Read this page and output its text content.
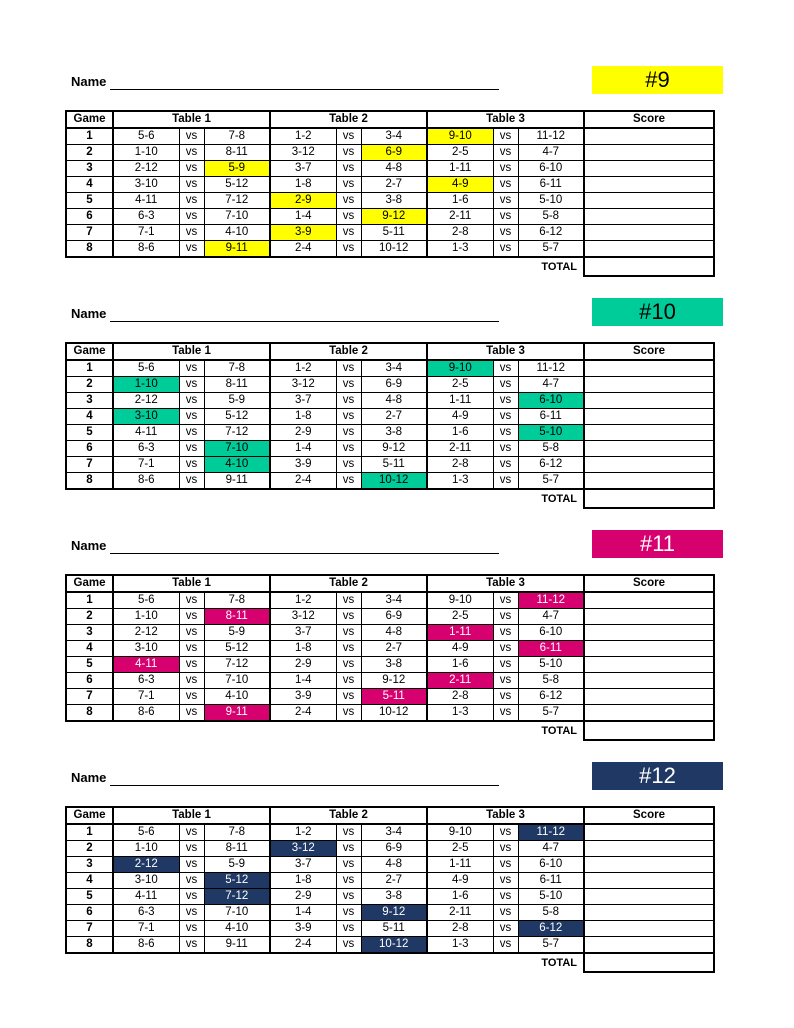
Name	#9
Game	Table 1			Table 2			Table 3			Score
1	5-6	vs	7-8	1-2	vs	3-4	9-10	vs	11-12	
2	1-10	vs	8-11	3-12	vs	6-9	2-5	vs	4-7	
3	2-12	vs	5-9	3-7	vs	4-8	1-11	vs	6-10	
4	3-10	vs	5-12	1-8	vs	2-7	4-9	vs	6-11	
5	4-11	vs	7-12	2-9	vs	3-8	1-6	vs	5-10	
6	6-3	vs	7-10	1-4	vs	9-12	2-11	vs	5-8	
7	7-1	vs	4-10	3-9	vs	5-11	2-8	vs	6-12	
8	8-6	vs	9-11	2-4	vs	10-12	1-3	vs	5-7	
TOTAL										
Name	#10
Game	Table 1			Table 2			Table 3			Score
1	5-6	vs	7-8	1-2	vs	3-4	9-10	vs	11-12	
2	1-10	vs	8-11	3-12	vs	6-9	2-5	vs	4-7	
3	2-12	vs	5-9	3-7	vs	4-8	1-11	vs	6-10	
4	3-10	vs	5-12	1-8	vs	2-7	4-9	vs	6-11	
5	4-11	vs	7-12	2-9	vs	3-8	1-6	vs	5-10	
6	6-3	vs	7-10	1-4	vs	9-12	2-11	vs	5-8	
7	7-1	vs	4-10	3-9	vs	5-11	2-8	vs	6-12	
8	8-6	vs	9-11	2-4	vs	10-12	1-3	vs	5-7	
TOTAL										
Name	#11
Game	Table 1			Table 2			Table 3			Score
1	5-6	vs	7-8	1-2	vs	3-4	9-10	vs	11-12	
2	1-10	vs	8-11	3-12	vs	6-9	2-5	vs	4-7	
3	2-12	vs	5-9	3-7	vs	4-8	1-11	vs	6-10	
4	3-10	vs	5-12	1-8	vs	2-7	4-9	vs	6-11	
5	4-11	vs	7-12	2-9	vs	3-8	1-6	vs	5-10	
6	6-3	vs	7-10	1-4	vs	9-12	2-11	vs	5-8	
7	7-1	vs	4-10	3-9	vs	5-11	2-8	vs	6-12	
8	8-6	vs	9-11	2-4	vs	10-12	1-3	vs	5-7	
TOTAL										
Name	#12
Game	Table 1			Table 2			Table 3			Score
1	5-6	vs	7-8	1-2	vs	3-4	9-10	vs	11-12	
2	1-10	vs	8-11	3-12	vs	6-9	2-5	vs	4-7	
3	2-12	vs	5-9	3-7	vs	4-8	1-11	vs	6-10	
4	3-10	vs	5-12	1-8	vs	2-7	4-9	vs	6-11	
5	4-11	vs	7-12	2-9	vs	3-8	1-6	vs	5-10	
6	6-3	vs	7-10	1-4	vs	9-12	2-11	vs	5-8	
7	7-1	vs	4-10	3-9	vs	5-11	2-8	vs	6-12	
8	8-6	vs	9-11	2-4	vs	10-12	1-3	vs	5-7	
TOTAL										
